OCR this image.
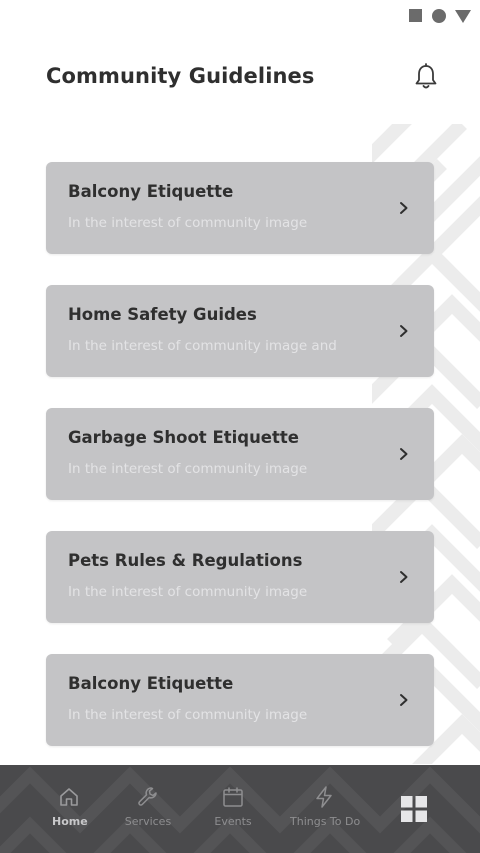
Community Guidelines
Balcony Etiquette
In the interest of community image
Home Safety Guides
In the interest of community image and
Garbage Shoot Etiquette
In the interest of community image
Pets Rules & Regulations
In the interest of community image
Balcony Etiquette
In the interest of community image
Home	Services	Events	Things To Do
